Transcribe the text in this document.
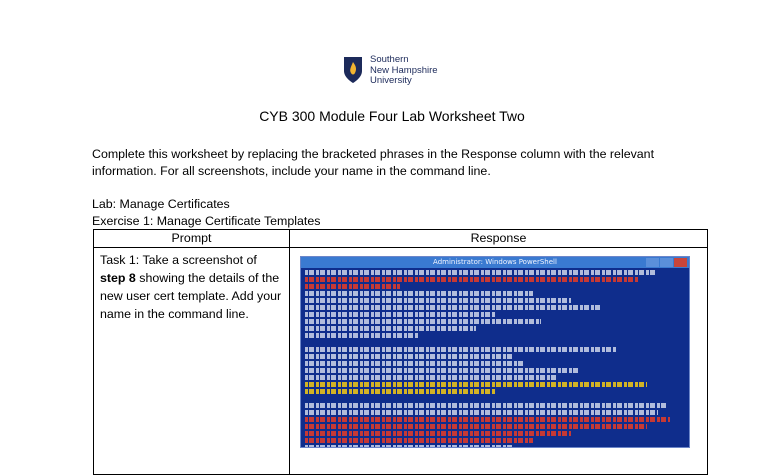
Southern
New Hampshire
University
CYB 300 Module Four Lab Worksheet Two
Complete this worksheet by replacing the bracketed phrases in the Response column with the relevant
information. For all screenshots, include your name in the command line.
Lab: Manage Certificates
Exercise 1: Manage Certificate Templates
Prompt	Response
Task 1: Take a screenshot of step 8 showing the details of the new user cert template. Add your name in the command line.	Administrator: Windows PowerShell
